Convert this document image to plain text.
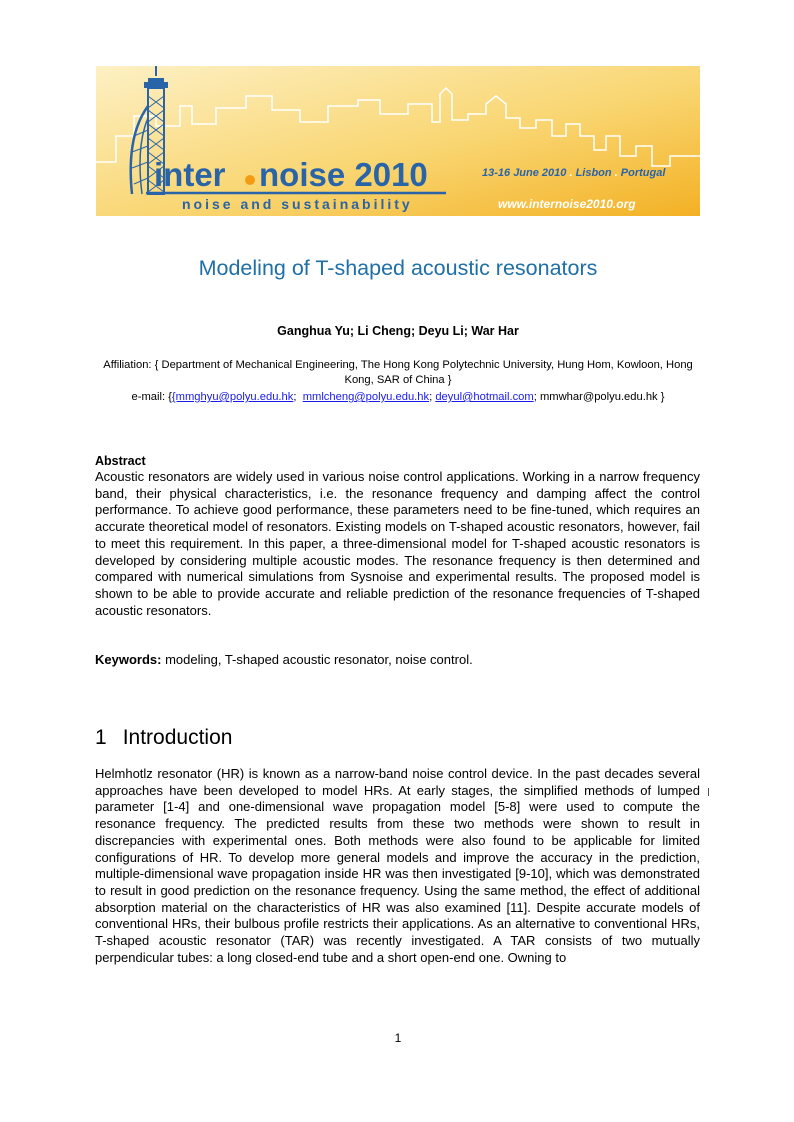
inter noise 2010
noise and sustainability
13-16 June 2010 . Lisbon . Portugal
www.internoise2010.org
Modeling of T-shaped acoustic resonators
Ganghua Yu; Li Cheng; Deyu Li; War Har
Affiliation: { Department of Mechanical Engineering, The Hong Kong Polytechnic University, Hung Hom, Kowloon, Hong Kong, SAR of China }
e-mail: {{mmghyu@polyu.edu.hk;  mmlcheng@polyu.edu.hk; deyul@hotmail.com; mmwhar@polyu.edu.hk }
Abstract

Acoustic resonators are widely used in various noise control applications. Working in a narrow frequency band, their physical characteristics, i.e. the resonance frequency and damping affect the control performance. To achieve good performance, these parameters need to be fine-tuned, which requires an accurate theoretical model of resonators. Existing models on T-shaped acoustic resonators, however, fail to meet this requirement. In this paper, a three-dimensional model for T-shaped acoustic resonators is developed by considering multiple acoustic modes. The resonance frequency is then determined and compared with numerical simulations from Sysnoise and experimental results. The proposed model is shown to be able to provide accurate and reliable prediction of the resonance frequencies of T-shaped acoustic resonators.

Keywords: modeling, T-shaped acoustic resonator, noise control.
1 Introduction

Helmhotlz resonator (HR) is known as a narrow-band noise control device. In the past decades several approaches have been developed to model HRs. At early stages, the simplified methods of lumped parameter [1-4] and one-dimensional wave propagation model [5-8] were used to compute the resonance frequency. The predicted results from these two methods were shown to result in discrepancies with experimental ones. Both methods were also found to be applicable for limited configurations of HR. To develop more general models and improve the accuracy in the prediction, multiple-dimensional wave propagation inside HR was then investigated [9-10], which was demonstrated to result in good prediction on the resonance frequency. Using the same method, the effect of additional absorption material on the characteristics of HR was also examined [11]. Despite accurate models of conventional HRs, their bulbous profile restricts their applications. As an alternative to conventional HRs, T-shaped acoustic resonator (TAR) was recently investigated. A TAR consists of two mutually perpendicular tubes: a long closed-end tube and a short open-end one. Owning to

1
